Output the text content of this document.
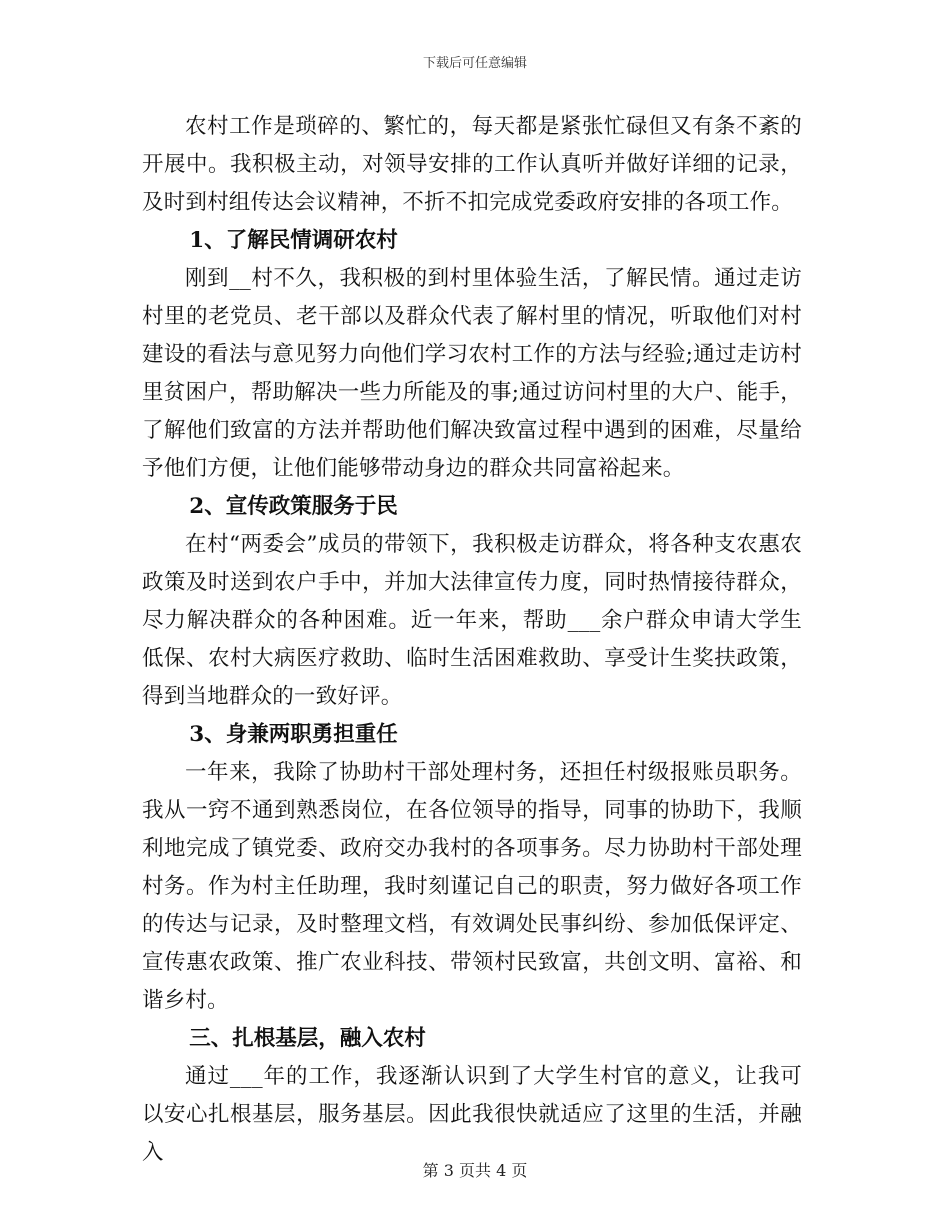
下载后可任意编辑

农村工作是琐碎的、繁忙的，每天都是紧张忙碌但又有条不紊的开展中。我积极主动，对领导安排的工作认真听并做好详细的记录，及时到村组传达会议精神，不折不扣完成党委政府安排的各项工作。

1、了解民情调研农村

刚到__村不久，我积极的到村里体验生活，了解民情。通过走访村里的老党员、老干部以及群众代表了解村里的情况，听取他们对村建设的看法与意见努力向他们学习农村工作的方法与经验;通过走访村里贫困户，帮助解决一些力所能及的事;通过访问村里的大户、能手，了解他们致富的方法并帮助他们解决致富过程中遇到的困难，尽量给予他们方便，让他们能够带动身边的群众共同富裕起来。

2、宣传政策服务于民

在村“两委会”成员的带领下，我积极走访群众，将各种支农惠农政策及时送到农户手中，并加大法律宣传力度，同时热情接待群众，尽力解决群众的各种困难。近一年来，帮助___余户群众申请大学生低保、农村大病医疗救助、临时生活困难救助、享受计生奖扶政策，得到当地群众的一致好评。

3、身兼两职勇担重任

一年来，我除了协助村干部处理村务，还担任村级报账员职务。我从一窍不通到熟悉岗位，在各位领导的指导，同事的协助下，我顺利地完成了镇党委、政府交办我村的各项事务。尽力协助村干部处理村务。作为村主任助理，我时刻谨记自己的职责，努力做好各项工作的传达与记录，及时整理文档，有效调处民事纠纷、参加低保评定、宣传惠农政策、推广农业科技、带领村民致富，共创文明、富裕、和谐乡村。

三、扎根基层，融入农村

通过___年的工作，我逐渐认识到了大学生村官的意义，让我可以安心扎根基层，服务基层。因此我很快就适应了这里的生活，并融入

第 3 页共 4 页
